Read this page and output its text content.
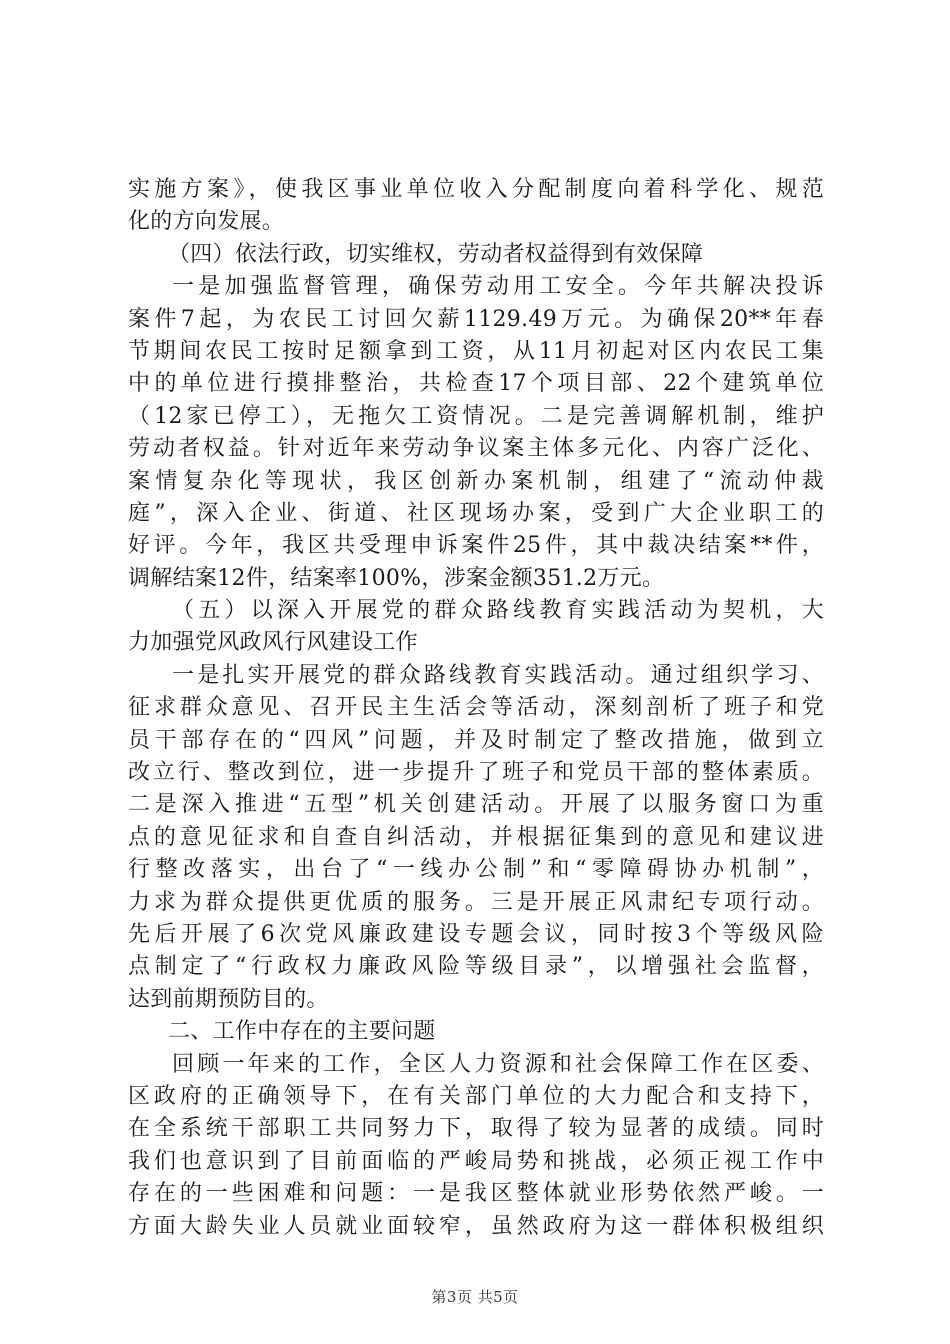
实施方案》，使我区事业单位收入分配制度向着科学化、规范
化的方向发展。
（四）依法行政，切实维权，劳动者权益得到有效保障
一是加强监督管理，确保劳动用工安全。今年共解决投诉
案件7起，为农民工讨回欠薪1129.49万元。为确保20**年春
节期间农民工按时足额拿到工资，从11月初起对区内农民工集
中的单位进行摸排整治，共检查17个项目部、22个建筑单位
（12家已停工），无拖欠工资情况。二是完善调解机制，维护
劳动者权益。针对近年来劳动争议案主体多元化、内容广泛化、
案情复杂化等现状，我区创新办案机制，组建了“流动仲裁
庭”，深入企业、街道、社区现场办案，受到广大企业职工的
好评。今年，我区共受理申诉案件25件，其中裁决结案**件，
调解结案12件，结案率100%，涉案金额351.2万元。
（五）以深入开展党的群众路线教育实践活动为契机，大
力加强党风政风行风建设工作
一是扎实开展党的群众路线教育实践活动。通过组织学习、
征求群众意见、召开民主生活会等活动，深刻剖析了班子和党
员干部存在的“四风”问题，并及时制定了整改措施，做到立
改立行、整改到位，进一步提升了班子和党员干部的整体素质。
二是深入推进“五型”机关创建活动。开展了以服务窗口为重
点的意见征求和自查自纠活动，并根据征集到的意见和建议进
行整改落实，出台了“一线办公制”和“零障碍协办机制”，
力求为群众提供更优质的服务。三是开展正风肃纪专项行动。
先后开展了6次党风廉政建设专题会议，同时按3个等级风险
点制定了“行政权力廉政风险等级目录”，以增强社会监督，
达到前期预防目的。
二、工作中存在的主要问题
回顾一年来的工作，全区人力资源和社会保障工作在区委、
区政府的正确领导下，在有关部门单位的大力配合和支持下，
在全系统干部职工共同努力下，取得了较为显著的成绩。同时
我们也意识到了目前面临的严峻局势和挑战，必须正视工作中
存在的一些困难和问题：一是我区整体就业形势依然严峻。一
方面大龄失业人员就业面较窄，虽然政府为这一群体积极组织
第3页 共5页
